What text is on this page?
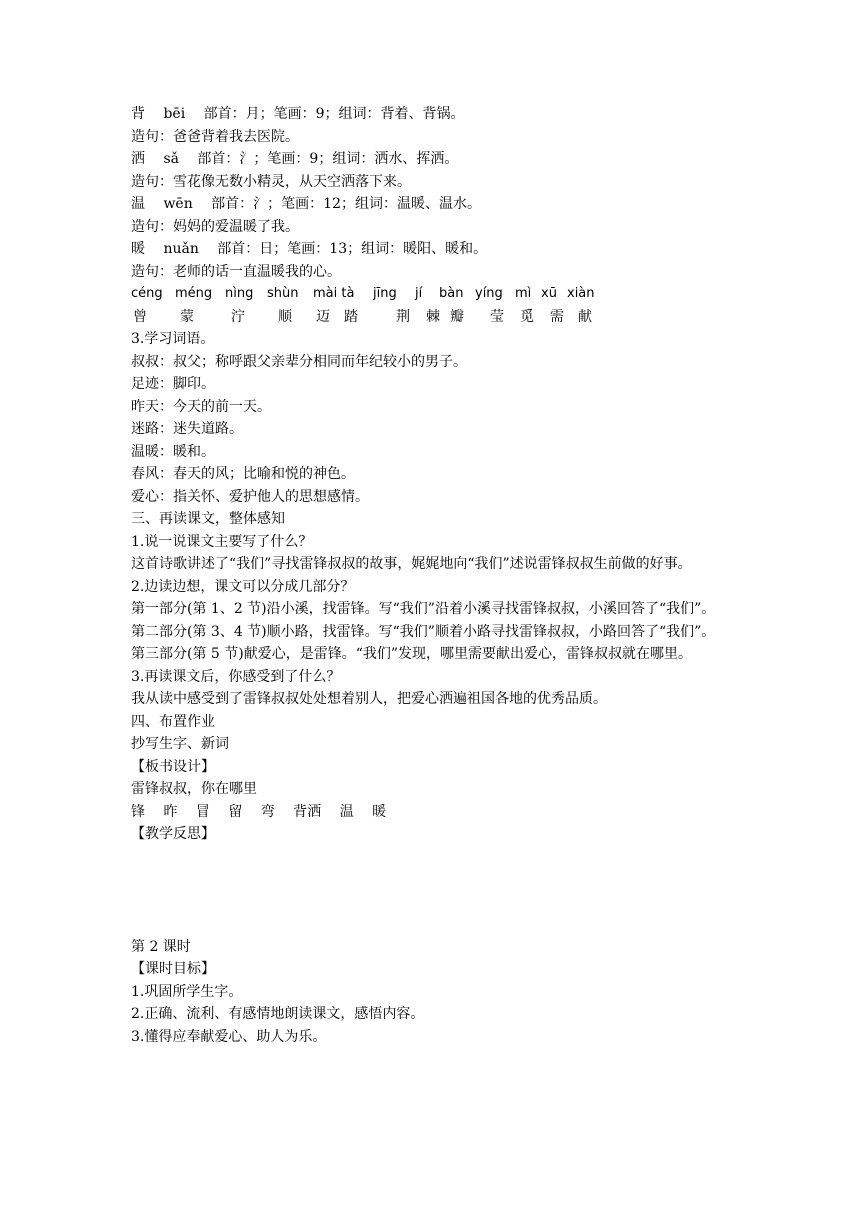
背　 bēi　 部首：月；笔画：9；组词：背着、背锅。
造句：爸爸背着我去医院。
洒　 sǎ　 部首：氵；笔画：9；组词：洒水、挥洒。
造句：雪花像无数小精灵，从天空洒落下来。
温　 wēn　 部首：氵；笔画：12；组词：温暖、温水。
造句：妈妈的爱温暖了我。
暖　 nuǎn　 部首：日；笔画：13；组词：暖阳、暖和。
造句：老师的话一直温暖我的心。
céng méng nìng	shùn	mài tà	jīng	jí	bàn yíng mì xū xiàn
曾	蒙	泞	顺	迈	踏	荆	棘 瓣	莹	觅	需	献
3.学习词语。
叔叔：叔父；称呼跟父亲辈分相同而年纪较小的男子。
足迹：脚印。
昨天：今天的前一天。
迷路：迷失道路。
温暖：暖和。
春风：春天的风；比喻和悦的神色。
爱心：指关怀、爱护他人的思想感情。
三、再读课文，整体感知
1.说一说课文主要写了什么？
这首诗歌讲述了“我们”寻找雷锋叔叔的故事，娓娓地向“我们”述说雷锋叔叔生前做的好事。
2.边读边想，课文可以分成几部分？
第一部分(第 1、2 节)沿小溪，找雷锋。写“我们”沿着小溪寻找雷锋叔叔，小溪回答了“我们”。
第二部分(第 3、4 节)顺小路，找雷锋。写“我们”顺着小路寻找雷锋叔叔，小路回答了“我们”。
第三部分(第 5 节)献爱心，是雷锋。“我们”发现，哪里需要献出爱心，雷锋叔叔就在哪里。
3.再读课文后，你感受到了什么？
我从读中感受到了雷锋叔叔处处想着别人，把爱心洒遍祖国各地的优秀品质。
四、布置作业
抄写生字、新词
【板书设计】
雷锋叔叔，你在哪里
锋　 昨　 冒　 留　 弯　 背洒　 温　 暖
【教学反思】
第 2 课时
【课时目标】
1.巩固所学生字。
2.正确、流利、有感情地朗读课文，感悟内容。
3.懂得应奉献爱心、助人为乐。
